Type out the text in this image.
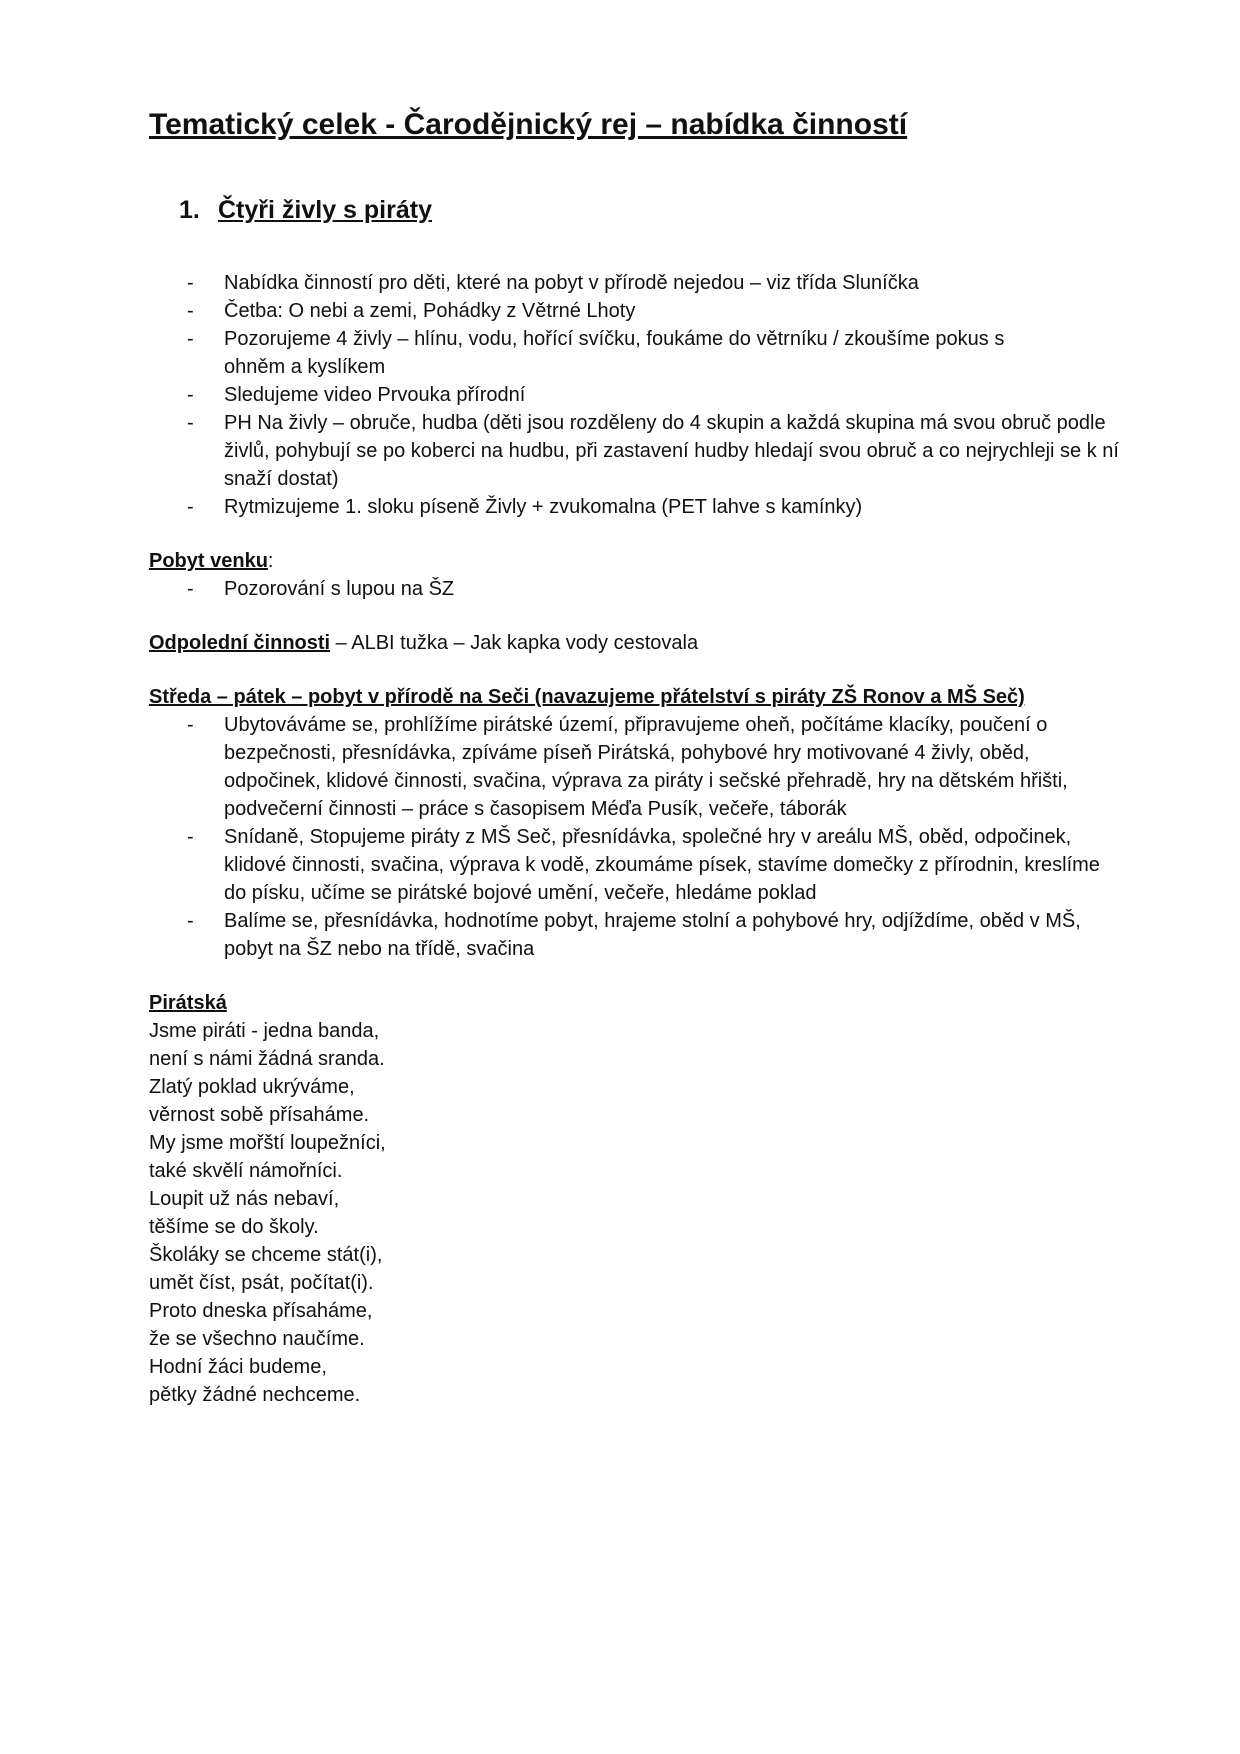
Tematický celek - Čarodějnický rej – nabídka činností
1. Čtyři živly s piráty
- Nabídka činností pro děti, které na pobyt v přírodě nejedou – viz třída Sluníčka
- Četba: O nebi a zemi, Pohádky z Větrné Lhoty
- Pozorujeme 4 živly – hlínu, vodu, hořící svíčku, foukáme do větrníku / zkoušíme pokus s ohněm a kyslíkem
- Sledujeme video Prvouka přírodní
- PH Na živly – obruče, hudba (děti jsou rozděleny do 4 skupin a každá skupina má svou obruč podle živlů, pohybují se po koberci na hudbu, při zastavení hudby hledají svou obruč a co nejrychleji se k ní snaží dostat)
- Rytmizujeme 1. sloku píseně Živly + zvukomalna (PET lahve s kamínky)
Pobyt venku:
- Pozorování s lupou na ŠZ
Odpolední činnosti – ALBI tužka – Jak kapka vody cestovala
Středa – pátek – pobyt v přírodě na Seči (navazujeme přátelství s piráty ZŠ Ronov a MŠ Seč)
- Ubytováváme se, prohlížíme pirátské území, připravujeme oheň, počítáme klacíky, poučení o bezpečnosti, přesnídávka, zpíváme píseň Pirátská, pohybové hry motivované 4 živly, oběd, odpočinek, klidové činnosti, svačina, výprava za piráty i sečské přehradě, hry na dětském hřišti, podvečerní činnosti – práce s časopisem Méďa Pusík, večeře, táborák
- Snídaně, Stopujeme piráty z MŠ Seč, přesnídávka, společné hry v areálu MŠ, oběd, odpočinek, klidové činnosti, svačina, výprava k vodě, zkoumáme písek, stavíme domečky z přírodnin, kreslíme do písku, učíme se pirátské bojové umění, večeře, hledáme poklad
- Balíme se, přesnídávka, hodnotíme pobyt, hrajeme stolní a pohybové hry, odjíždíme, oběd v MŠ, pobyt na ŠZ nebo na třídě, svačina
Pirátská

Jsme piráti - jedna banda,
není s námi žádná sranda.
Zlatý poklad ukrýváme,
věrnost sobě přísaháme.

My jsme mořští loupežníci,
také skvělí námořníci.
Loupit už nás nebaví,
těšíme se do školy.

Školáky se chceme stát(i),
umět číst, psát, počítat(i).
Proto dneska přísaháme,
že se všechno naučíme.
Hodní žáci budeme,
pětky žádné nechceme.
